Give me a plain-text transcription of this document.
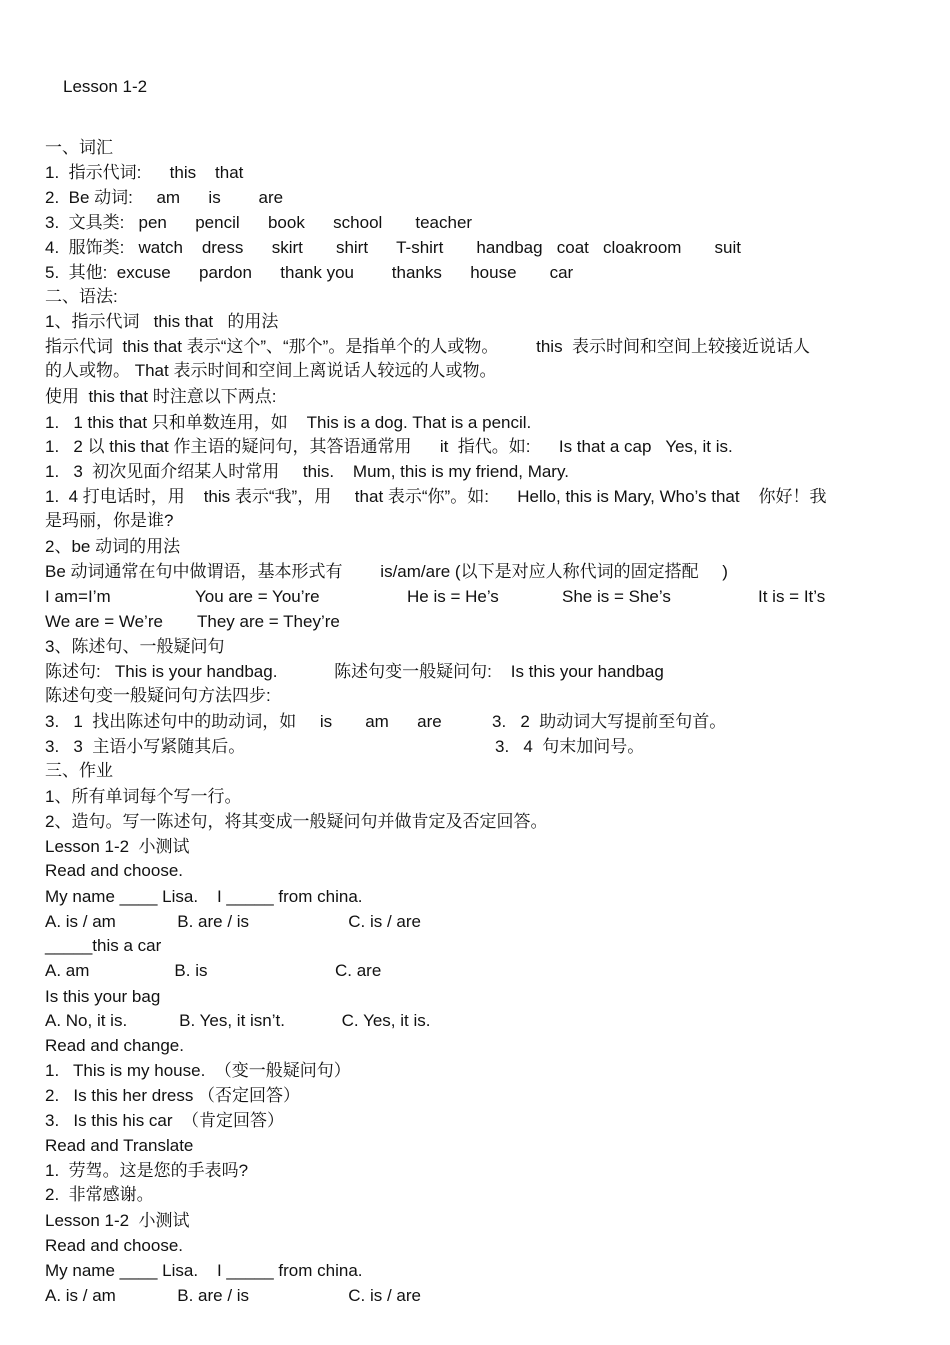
Lesson 1-2
一、词汇
1.  指示代词:      this    that
2.  Be 动词:     am      is        are
3.  文具类:   pen      pencil      book      school       teacher
4.  服饰类:   watch    dress      skirt       shirt      T-shirt       handbag   coat   cloakroom       suit
5.  其他:  excuse      pardon      thank you        thanks      house       car
二、语法:
1、指示代词   this that   的用法
指示代词  this that 表示“这个”、“那个”。是指单个的人或物。        this  表示时间和空间上较接近说话人
的人或物。 That 表示时间和空间上离说话人较远的人或物。
使用  this that 时注意以下两点:
1.   1 this that 只和单数连用，如    This is a dog. That is a pencil.
1.   2 以 this that 作主语的疑问句，其答语通常用      it  指代。如:      Is that a cap   Yes, it is.
1.   3  初次见面介绍某人时常用     this.    Mum, this is my friend, Mary.
1.  4 打电话时，用    this 表示“我”，用     that 表示“你”。如:      Hello, this is Mary, Who’s that    你好！我
是玛丽，你是谁?
2、be 动词的用法
Be 动词通常在句中做谓语，基本形式有        is/am/are (以下是对应人称代词的固定搭配     )
I am=I’m	You are = You’re	He is = He’s	She is = She’s	It is = It’s
We are = We’re They are = They’re
3、陈述句、一般疑问句
陈述句:   This is your handbag.            陈述句变一般疑问句:    Is this your handbag
陈述句变一般疑问句方法四步:
3.   1  找出陈述句中的助动词，如     is       am      are	3.   2  助动词大写提前至句首。
3.   3  主语小写紧随其后。	3.   4  句末加问号。
三、作业
1、所有单词每个写一行。
2、造句。写一陈述句，将其变成一般疑问句并做肯定及否定回答。
Lesson 1-2  小测试
Read and choose.
My name ____ Lisa.    I _____ from china.
A. is / am             B. are / is                     C. is / are
_____this a car
A. am                  B. is                           C. are
Is this your bag
A. No, it is.           B. Yes, it isn’t.            C. Yes, it is.
Read and change.
1.   This is my house.  （变一般疑问句）
2.   Is this her dress （否定回答）
3.   Is this his car  （肯定回答）
Read and Translate
1.  劳驾。这是您的手表吗?
2.  非常感谢。
Lesson 1-2  小测试
Read and choose.
My name ____ Lisa.    I _____ from china.
A. is / am             B. are / is                     C. is / are
